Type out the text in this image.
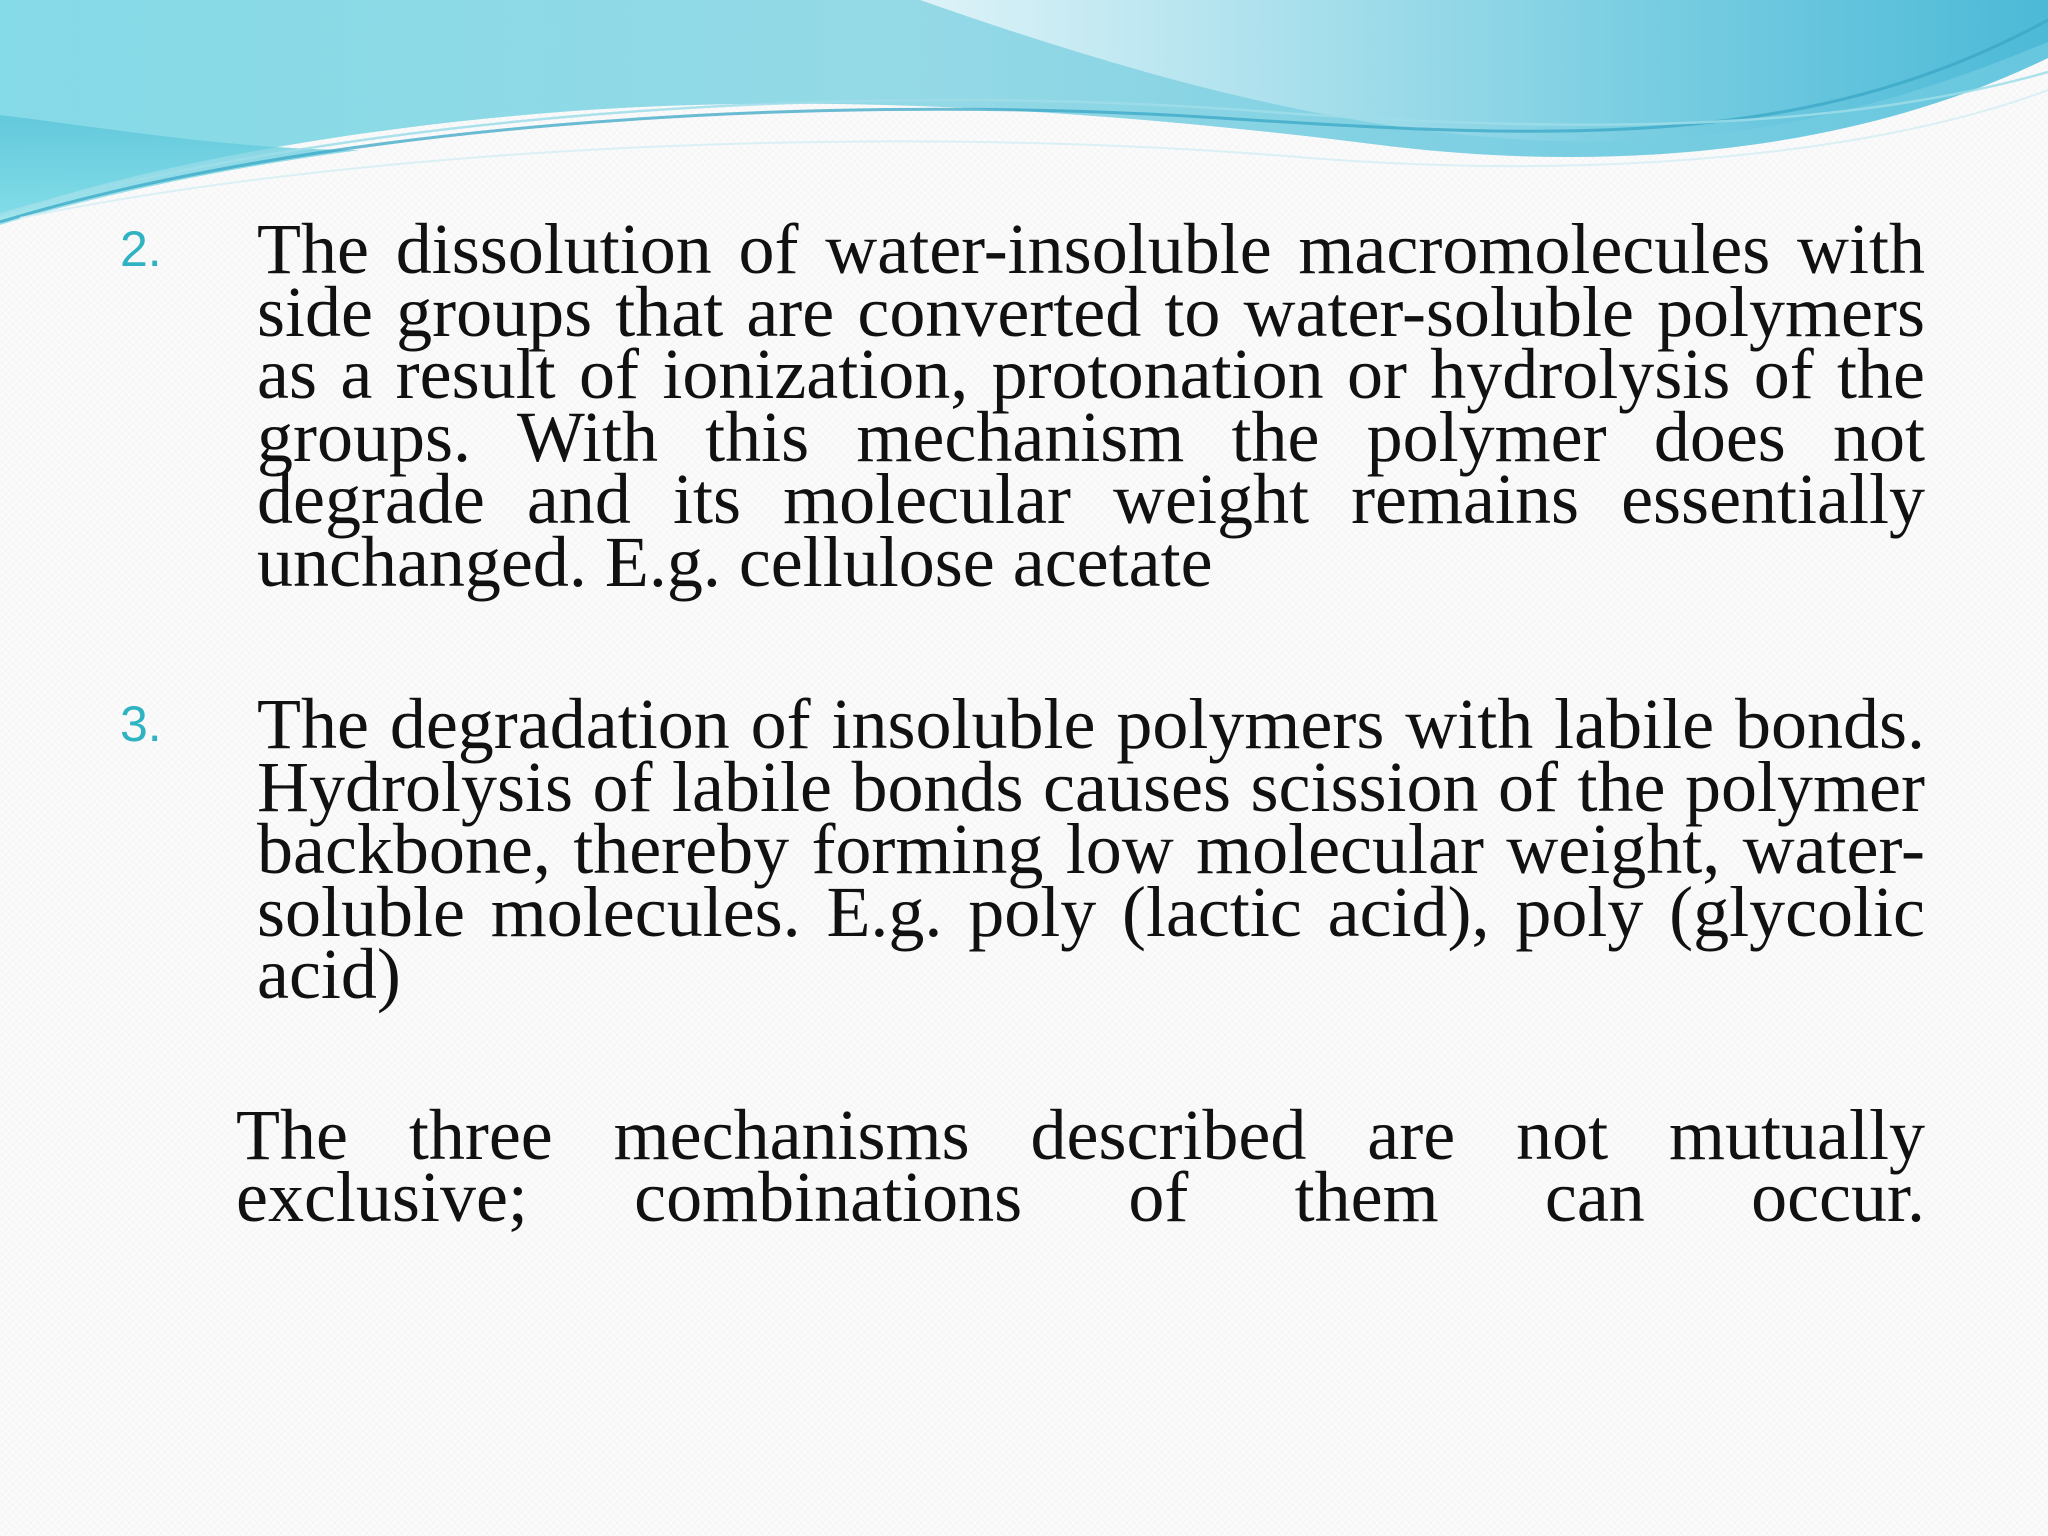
2.	The dissolution of water-insoluble macromolecules with side groups that are converted to water-soluble polymers as a result of ionization, protonation or hydrolysis of the groups. With this mechanism the polymer does not degrade and its molecular weight remains essentially unchanged. E.g. cellulose acetate
3.	The degradation of insoluble polymers with labile bonds. Hydrolysis of labile bonds causes scission of the polymer backbone, thereby forming low molecular weight, water-soluble molecules. E.g. poly (lactic acid), poly (glycolic acid)
The three mechanisms described are not mutually exclusive; combinations of them can occur.
